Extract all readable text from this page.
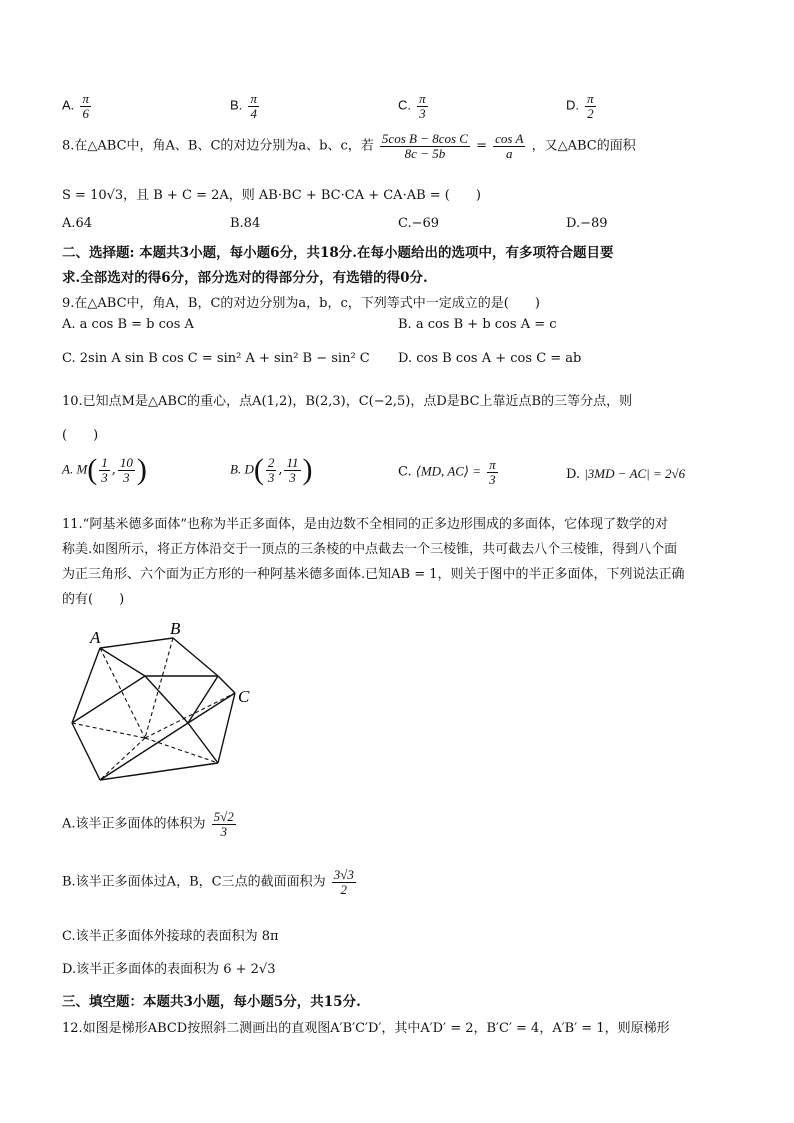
A. $\frac{\pi}{6}$	B. $\frac{\pi}{4}$	C. $\frac{\pi}{3}$	D. $\frac{\pi}{2}$
8.在△ABC中，角A、B、C的对边分别为a、b、c，若 $\frac{\text{5cos B − 8cos C}}{8c - 5b} = \frac{\text{cos A}}{a}$ ，又△ABC的面积
S = 10√3，且 B + C = 2A，则 AB·BC + BC·CA + CA·AB = (　　)
A.64	B.84	C.−69	D.−89
二、选择题: 本题共3小题，每小题6分，共18分.在每小题给出的选项中，有多项符合题目要
求.全部选对的得6分，部分选对的得部分分，有选错的得0分.
9.在△ABC中，角A，B，C的对边分别为a，b，c，下列等式中一定成立的是(　　)
A. a cos B = b cos A	B. a cos B + b cos A = c
C. 2sin A sin B cos C = sin² A + sin² B − sin² C D. cos B cos A + cos C = ab
10.已知点M是△ABC的重心，点A(1,2)，B(2,3)，C(−2,5)，点D是BC上靠近点B的三等分点，则
(　　)
A. $M( \frac{1}{3}$ , $\frac{10}{3}$ )	B. $D( \frac{2}{3}$ , $\frac{11}{3}$ )	C. ⟨MD, AC⟩ = $\frac{\pi}{3}$	D. |3MD − AC| = 2√6
11.“阿基米德多面体”也称为半正多面体，是由边数不全相同的正多边形围成的多面体，它体现了数学的对
称美.如图所示，将正方体沿交于一顶点的三条棱的中点截去一个三棱锥，共可截去八个三棱锥，得到八个面
为正三角形、六个面为正方形的一种阿基米德多面体.已知AB = 1，则关于图中的半正多面体，下列说法正确
的有(　　)
A	B
C
A.该半正多面体的体积为 $\frac{5√2}{3}$
B.该半正多面体过A，B，C三点的截面面积为 $\frac{3√3}{2}$
C.该半正多面体外接球的表面积为 8π
D.该半正多面体的表面积为 6 + 2√3
三、填空题：本题共3小题，每小题5分，共15分.
12.如图是梯形ABCD按照斜二测画出的直观图A′B′C′D′，其中A′D′ = 2，B′C′ = 4，A′B′ = 1，则原梯形
